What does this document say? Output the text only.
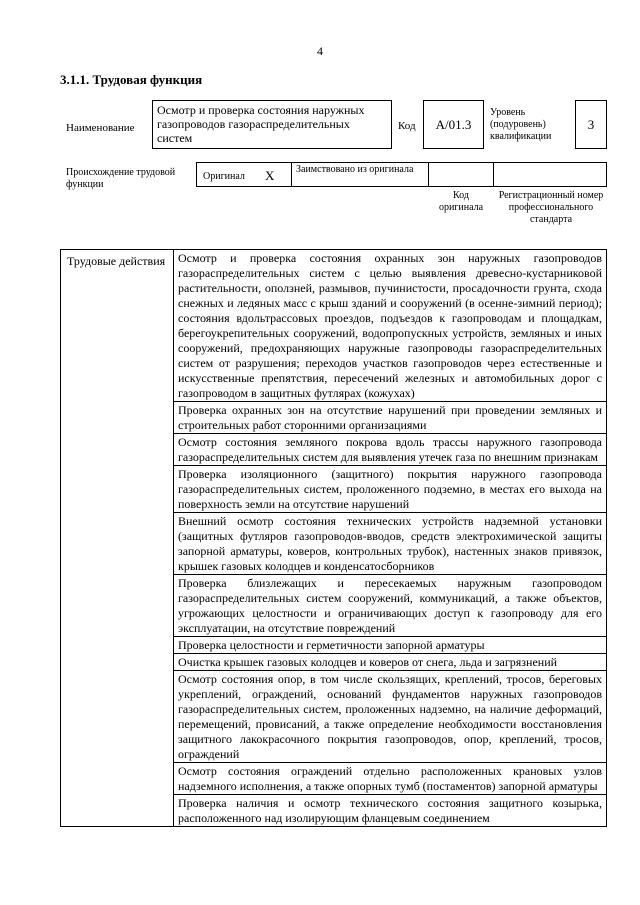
4
3.1.1. Трудовая функция
Наименование
Осмотр и проверка состояния наружных газопроводов газораспределительных систем
Код	A/01.3
Уровень (подуровень) квалификации
3
Происхождение трудовой функции
Оригинал X	Заимствовано из оригинала
Код оригинала
Регистрационный номер профессионального стандарта
Трудовые действия	Осмотр и проверка состояния охранных зон наружных газопроводов газораспределительных систем с целью выявления древесно-кустарниковой растительности, оползней, размывов, пучинистости, просадочности грунта, схода снежных и ледяных масс с крыш зданий и сооружений (в осенне-зимний период); состояния вдольтрассовых проездов, подъездов к газопроводам и площадкам, берегоукрепительных сооружений, водопропускных устройств, земляных и иных сооружений, предохраняющих наружные газопроводы газораспределительных систем от разрушения; переходов участков газопроводов через естественные и искусственные препятствия, пересечений железных и автомобильных дорог с газопроводом в защитных футлярах (кожухах)
Проверка охранных зон на отсутствие нарушений при проведении земляных и строительных работ сторонними организациями
Осмотр состояния земляного покрова вдоль трассы наружного газопровода газораспределительных систем для выявления утечек газа по внешним признакам
Проверка изоляционного (защитного) покрытия наружного газопровода газораспределительных систем, проложенного подземно, в местах его выхода на поверхность земли на отсутствие нарушений
Внешний осмотр состояния технических устройств надземной установки (защитных футляров газопроводов-вводов, средств электрохимической защиты запорной арматуры, коверов, контрольных трубок), настенных знаков привязок, крышек газовых колодцев и конденсатосборников
Проверка близлежащих и пересекаемых наружным газопроводом газораспределительных систем сооружений, коммуникаций, а также объектов, угрожающих целостности и ограничивающих доступ к газопроводу для его эксплуатации, на отсутствие повреждений
Проверка целостности и герметичности запорной арматуры
Очистка крышек газовых колодцев и коверов от снега, льда и загрязнений
Осмотр состояния опор, в том числе скользящих, креплений, тросов, береговых укреплений, ограждений, оснований фундаментов наружных газопроводов газораспределительных систем, проложенных надземно, на наличие деформаций, перемещений, провисаний, а также определение необходимости восстановления защитного лакокрасочного покрытия газопроводов, опор, креплений, тросов, ограждений
Осмотр состояния ограждений отдельно расположенных крановых узлов надземного исполнения, а также опорных тумб (постаментов) запорной арматуры
Проверка наличия и осмотр технического состояния защитного козырька, расположенного над изолирующим фланцевым соединением
